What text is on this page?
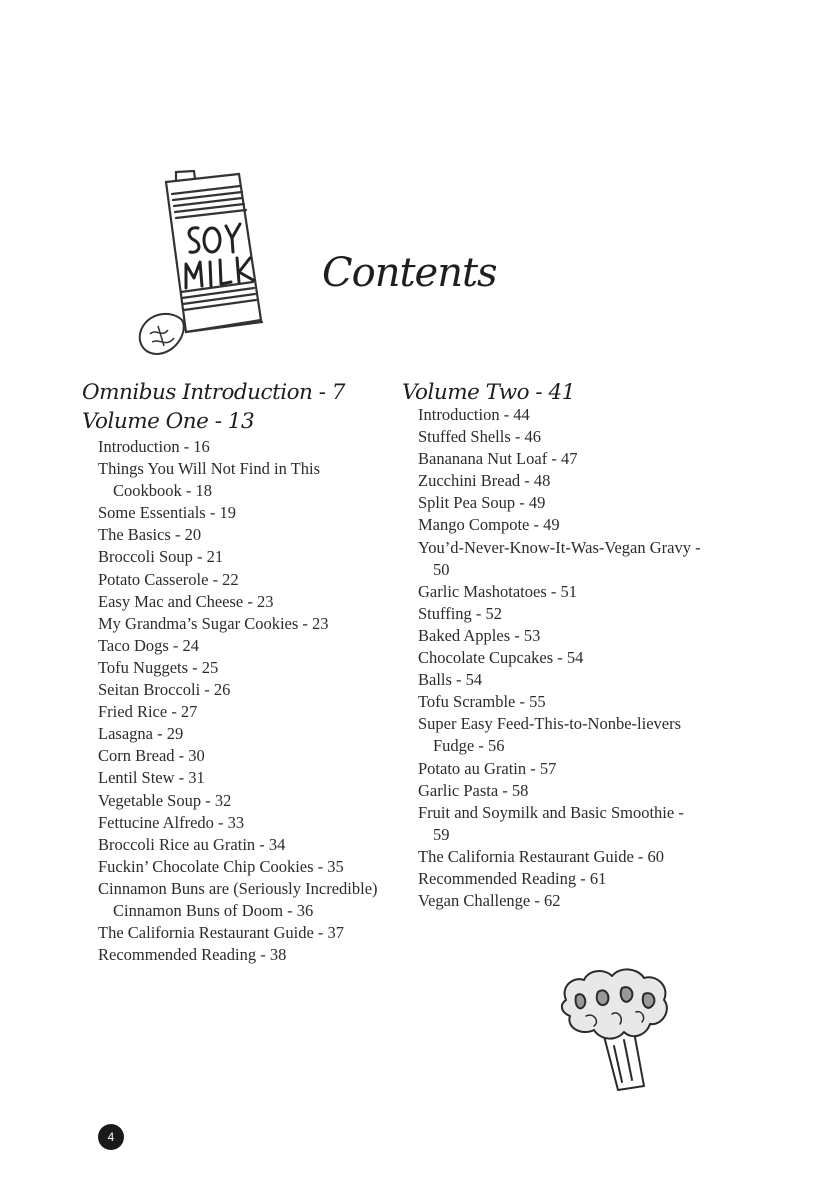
Contents
Omnibus Introduction - 7
Volume One - 13
Introduction - 16
Things You Will Not Find in This Cookbook - 18
Some Essentials - 19
The Basics - 20
Broccoli Soup - 21
Potato Casserole - 22
Easy Mac and Cheese - 23
My Grandma’s Sugar Cookies - 23
Taco Dogs - 24
Tofu Nuggets - 25
Seitan Broccoli - 26
Fried Rice - 27
Lasagna - 29
Corn Bread - 30
Lentil Stew - 31
Vegetable Soup - 32
Fettucine Alfredo - 33
Broccoli Rice au Gratin - 34
Fuckin’ Chocolate Chip Cookies - 35
Cinnamon Buns are (Seriously Incredible) Cinnamon Buns of Doom - 36
The California Restaurant Guide - 37
Recommended Reading - 38
Volume Two - 41
Introduction - 44
Stuffed Shells - 46
Bananana Nut Loaf - 47
Zucchini Bread - 48
Split Pea Soup - 49
Mango Compote - 49
You’d-Never-Know-It-Was-Vegan Gravy - 50
Garlic Mashotatoes - 51
Stuffing - 52
Baked Apples - 53
Chocolate Cupcakes - 54
Balls - 54
Tofu Scramble - 55
Super Easy Feed-This-to-Nonbe-lievers Fudge - 56
Potato au Gratin - 57
Garlic Pasta - 58
Fruit and Soymilk and Basic Smoothie - 59
The California Restaurant Guide - 60
Recommended Reading - 61
Vegan Challenge - 62
4
